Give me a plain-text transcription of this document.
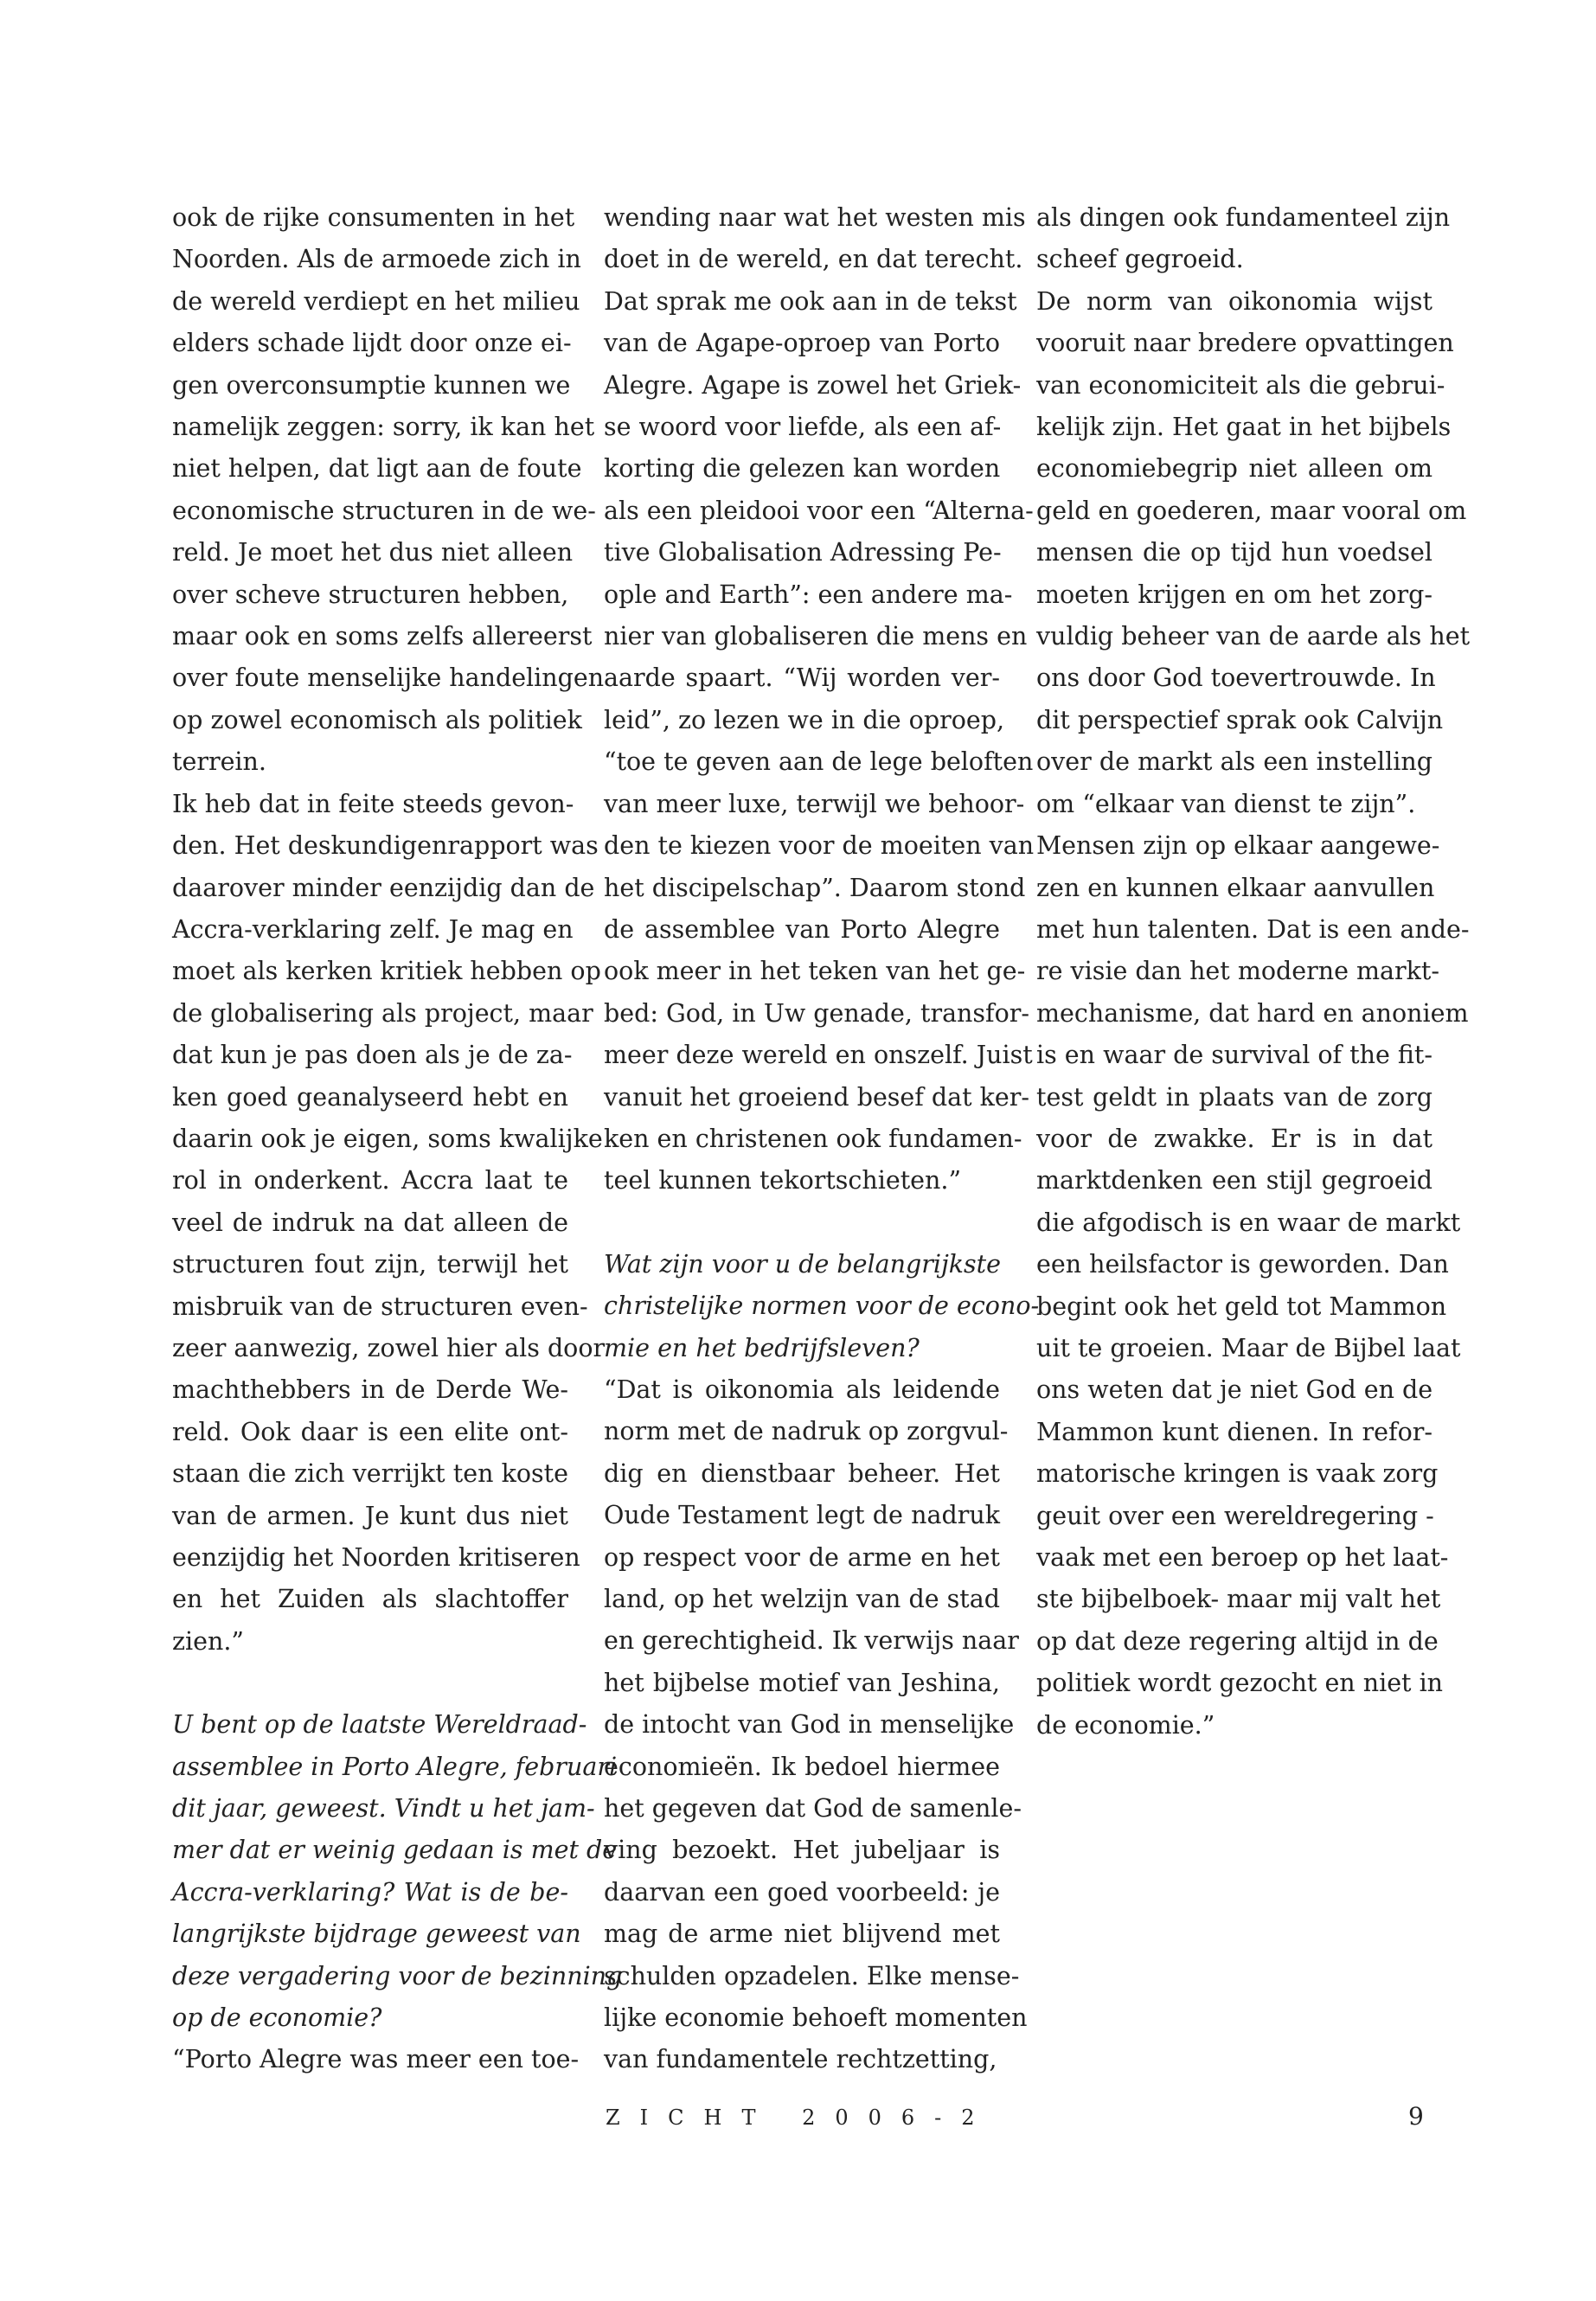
ook de rijke consumenten in het
Noorden. Als de armoede zich in
de wereld verdiept en het milieu
elders schade lijdt door onze ei-
gen overconsumptie kunnen we
namelijk zeggen: sorry, ik kan het
niet helpen, dat ligt aan de foute
economische structuren in de we-
reld. Je moet het dus niet alleen
over scheve structuren hebben,
maar ook en soms zelfs allereerst
over foute menselijke handelingen
op zowel economisch als politiek
terrein.

Ik heb dat in feite steeds gevon-
den. Het deskundigenrapport was
daarover minder eenzijdig dan de
Accra-verklaring zelf. Je mag en
moet als kerken kritiek hebben op
de globalisering als project, maar
dat kun je pas doen als je de za-
ken goed geanalyseerd hebt en
daarin ook je eigen, soms kwalijke
rol in onderkent. Accra laat te
veel de indruk na dat alleen de
structuren fout zijn, terwijl het
misbruik van de structuren even-
zeer aanwezig, zowel hier als door
machthebbers in de Derde We-
reld. Ook daar is een elite ont-
staan die zich verrijkt ten koste
van de armen. Je kunt dus niet
eenzijdig het Noorden kritiseren
en het Zuiden als slachtoffer
zien.”

U bent op de laatste Wereldraad-
assemblee in Porto Alegre, februari
dit jaar, geweest. Vindt u het jam-
mer dat er weinig gedaan is met de
Accra-verklaring? Wat is de be-
langrijkste bijdrage geweest van
deze vergadering voor de bezinning
op de economie?

“Porto Alegre was meer een toe-

wending naar wat het westen mis
doet in de wereld, en dat terecht.
Dat sprak me ook aan in de tekst
van de Agape-oproep van Porto
Alegre. Agape is zowel het Griek-
se woord voor liefde, als een af-
korting die gelezen kan worden
als een pleidooi voor een “Alterna-
tive Globalisation Adressing Pe-
ople and Earth”: een andere ma-
nier van globaliseren die mens en
aarde spaart. “Wij worden ver-
leid”, zo lezen we in die oproep,
“toe te geven aan de lege beloften
van meer luxe, terwijl we behoor-
den te kiezen voor de moeiten van
het discipelschap”. Daarom stond
de assemblee van Porto Alegre
ook meer in het teken van het ge-
bed: God, in Uw genade, transfor-
meer deze wereld en onszelf. Juist
vanuit het groeiend besef dat ker-
ken en christenen ook fundamen-
teel kunnen tekortschieten.”

Wat zijn voor u de belangrijkste
christelijke normen voor de econo-
mie en het bedrijfsleven?

“Dat is oikonomia als leidende
norm met de nadruk op zorgvul-
dig en dienstbaar beheer. Het
Oude Testament legt de nadruk
op respect voor de arme en het
land, op het welzijn van de stad
en gerechtigheid. Ik verwijs naar
het bijbelse motief van Jeshina,
de intocht van God in menselijke
economieën. Ik bedoel hiermee
het gegeven dat God de samenle-
ving bezoekt. Het jubeljaar is
daarvan een goed voorbeeld: je
mag de arme niet blijvend met
schulden opzadelen. Elke mense-
lijke economie behoeft momenten
van fundamentele rechtzetting,

als dingen ook fundamenteel zijn
scheef gegroeid.

De norm van oikonomia wijst
vooruit naar bredere opvattingen
van economiciteit als die gebrui-
kelijk zijn. Het gaat in het bijbels
economiebegrip niet alleen om
geld en goederen, maar vooral om
mensen die op tijd hun voedsel
moeten krijgen en om het zorg-
vuldig beheer van de aarde als het
ons door God toevertrouwde. In
dit perspectief sprak ook Calvijn
over de markt als een instelling
om “elkaar van dienst te zijn”.

Mensen zijn op elkaar aangewe-
zen en kunnen elkaar aanvullen
met hun talenten. Dat is een ande-
re visie dan het moderne markt-
mechanisme, dat hard en anoniem
is en waar de survival of the fit-
test geldt in plaats van de zorg
voor de zwakke. Er is in dat
marktdenken een stijl gegroeid
die afgodisch is en waar de markt
een heilsfactor is geworden. Dan
begint ook het geld tot Mammon
uit te groeien. Maar de Bijbel laat
ons weten dat je niet God en de
Mammon kunt dienen. In refor-
matorische kringen is vaak zorg
geuit over een wereldregering -
vaak met een beroep op het laat-
ste bijbelboek- maar mij valt het
op dat deze regering altijd in de
politiek wordt gezocht en niet in
de economie.”

ZICHT 2006-2	9
